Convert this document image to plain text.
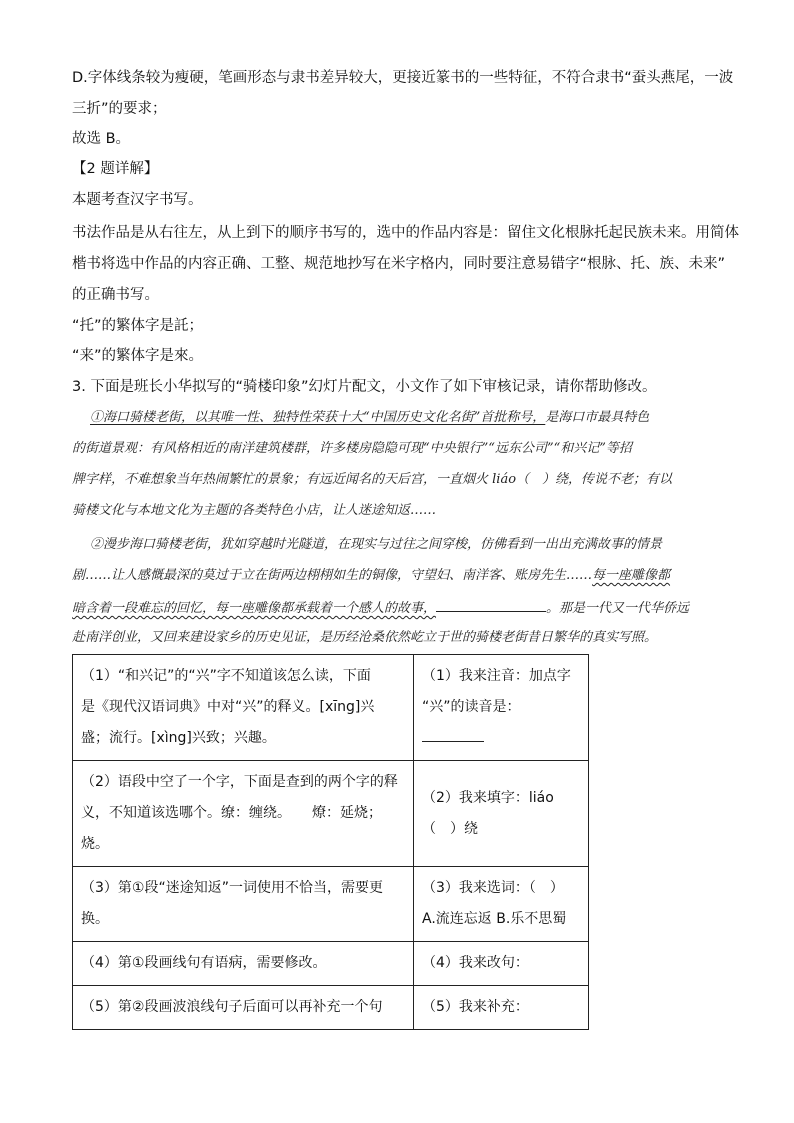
D.字体线条较为瘦硬，笔画形态与隶书差异较大，更接近篆书的一些特征，不符合隶书“蚕头燕尾，一波
三折”的要求；
故选 B。
【2 题详解】
本题考查汉字书写。
书法作品是从右往左，从上到下的顺序书写的，选中的作品内容是：留住文化根脉托起民族未来。用简体
楷书将选中作品的内容正确、工整、规范地抄写在米字格内，同时要注意易错字“根脉、托、族、未来”
的正确书写。
“托”的繁体字是託；
“来”的繁体字是來。
3. 下面是班长小华拟写的“骑楼印象”幻灯片配文，小文作了如下审核记录，请你帮助修改。
①海口骑楼老街，以其唯一性、独特性荣获十大“中国历史文化名街”首批称号，是海口市最具特色
的街道景观：有风格相近的南洋建筑楼群，许多楼房隐隐可现“中央银行”“远东公司”“和兴记”等招
牌字样，不难想象当年热闹繁忙的景象；有远近闻名的天后宫，一直烟火 liáo（　）绕，传说不老；有以
骑楼文化与本地文化为主题的各类特色小店，让人迷途知返……
②漫步海口骑楼老街，犹如穿越时光隧道，在现实与过往之间穿梭，仿佛看到一出出充满故事的情景
剧……让人感慨最深的莫过于立在街两边栩栩如生的铜像，守望妇、南洋客、账房先生……每一座雕像都
暗含着一段难忘的回忆，每一座雕像都承载着一个感人的故事，	。那是一代又一代华侨远
赴南洋创业，又回来建设家乡的历史见证，是历经沧桑依然屹立于世的骑楼老街昔日繁华的真实写照。
（1）“和兴记”的“兴”字不知道该怎么读，下面
是《现代汉语词典》中对“兴”的释义。[xīng]兴
盛；流行。[xìng]兴致；兴趣。	（1）我来注音：加点字
“兴”的读音是：

（2）语段中空了一个字，下面是查到的两个字的释
义，不知道该选哪个。缭：缠绕。　　燎：延烧；
烧。	（2）我来填字：liáo
（　）绕

（3）第①段“迷途知返”一词使用不恰当，需要更
换。	（3）我来选词：（　）
A.流连忘返 B.乐不思蜀

（4）第①段画线句有语病，需要修改。	（4）我来改句：
（5）第②段画波浪线句子后面可以再补充一个句	（5）我来补充：
